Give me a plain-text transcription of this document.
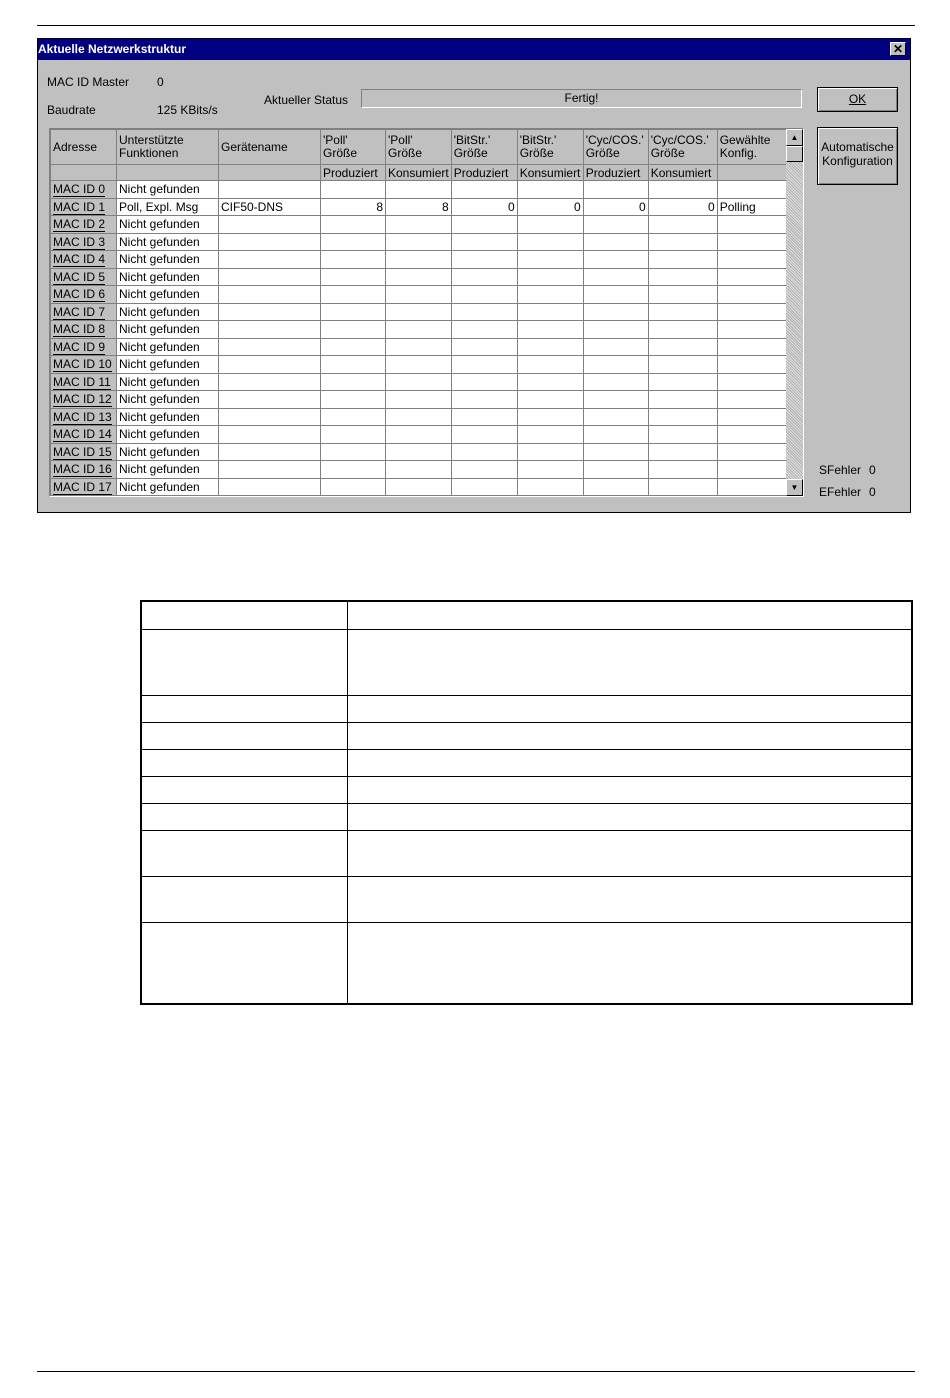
Aktuelle Netzwerkstruktur	✕
MAC ID Master 0
Baudrate	125 KBits/s
Aktueller Status	Fertig!	OK
Automatische
Konfiguration
Adresse	Unterstützte Funktionen	Gerätename	'Poll' Größe	'Poll' Größe	'BitStr.' Größe	'BitStr.' Größe	'Cyc/COS.' Größe	'Cyc/COS.' Größe	Gewählte Konfig.
			Produziert	Konsumiert	Produziert	Konsumiert	Produziert	Konsumiert	
MAC ID 0	Nicht gefunden								
MAC ID 1	Poll, Expl. Msg	CIF50-DNS	8	8	0	0	0	0	Polling
MAC ID 2	Nicht gefunden								
MAC ID 3	Nicht gefunden								
MAC ID 4	Nicht gefunden								
MAC ID 5	Nicht gefunden								
MAC ID 6	Nicht gefunden								
MAC ID 7	Nicht gefunden								
MAC ID 8	Nicht gefunden								
MAC ID 9	Nicht gefunden								
MAC ID 10	Nicht gefunden								
MAC ID 11	Nicht gefunden								
MAC ID 12	Nicht gefunden								
MAC ID 13	Nicht gefunden								
MAC ID 14	Nicht gefunden								
MAC ID 15	Nicht gefunden								
MAC ID 16	Nicht gefunden								
MAC ID 17	Nicht gefunden								
▲
▼
SFehler 0
EFehler 0
